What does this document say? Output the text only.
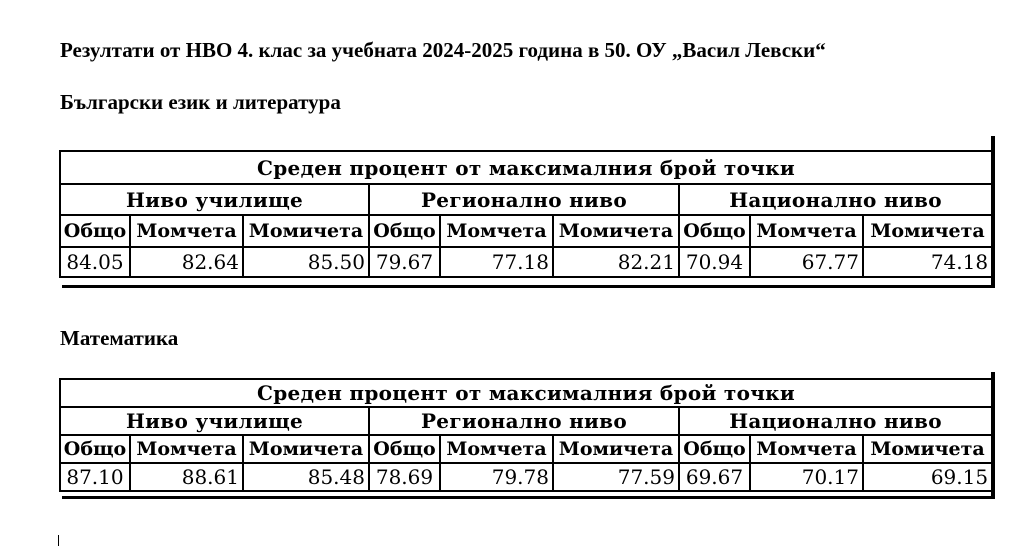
Резултати от НВО 4. клас за учебната 2024-2025 година в 50. ОУ „Васил Левски“
Български език и литература
Среден процент от максималния брой точки								
Ниво училище			Регионално ниво			Национално ниво		
Общо	Момчета	Момичета	Общо	Момчета	Момичета	Общо	Момчета	Момичета
84.05	82.64	85.50	79.67	77.18	82.21	70.94	67.77	74.18
Математика
Среден процент от максималния брой точки								
Ниво училище			Регионално ниво			Национално ниво		
Общо	Момчета	Момичета	Общо	Момчета	Момичета	Общо	Момчета	Момичета
87.10	88.61	85.48	78.69	79.78	77.59	69.67	70.17	69.15
